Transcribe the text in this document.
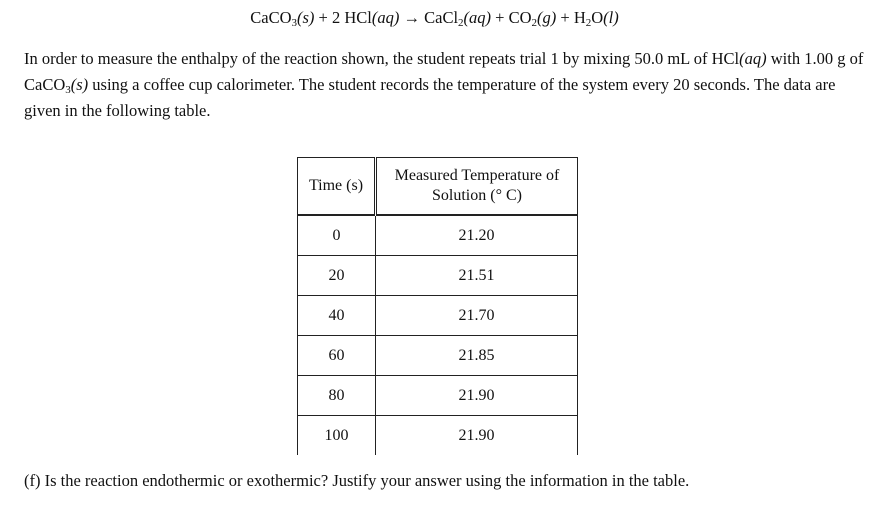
CaCO$_3$(s) + 2 HCl(aq) → CaCl$_2$(aq) + $CO_2(g) + H_2O(l)$
In order to measure the enthalpy of the reaction shown, the student repeats trial 1 by mixing 50.0 mL of HCl(aq) with 1.00 g of CaCO$_3$(s) using a coffee cup calorimeter. The student records the temperature of the system every 20 seconds. The data are given in the following table.
Time (s)	Measured Temperature of Solution (° C)
0	21.20
20	21.51
40	21.70
60	21.85
80	21.90
100	21.90
(f) Is the reaction endothermic or exothermic? Justify your answer using the information in the table.
